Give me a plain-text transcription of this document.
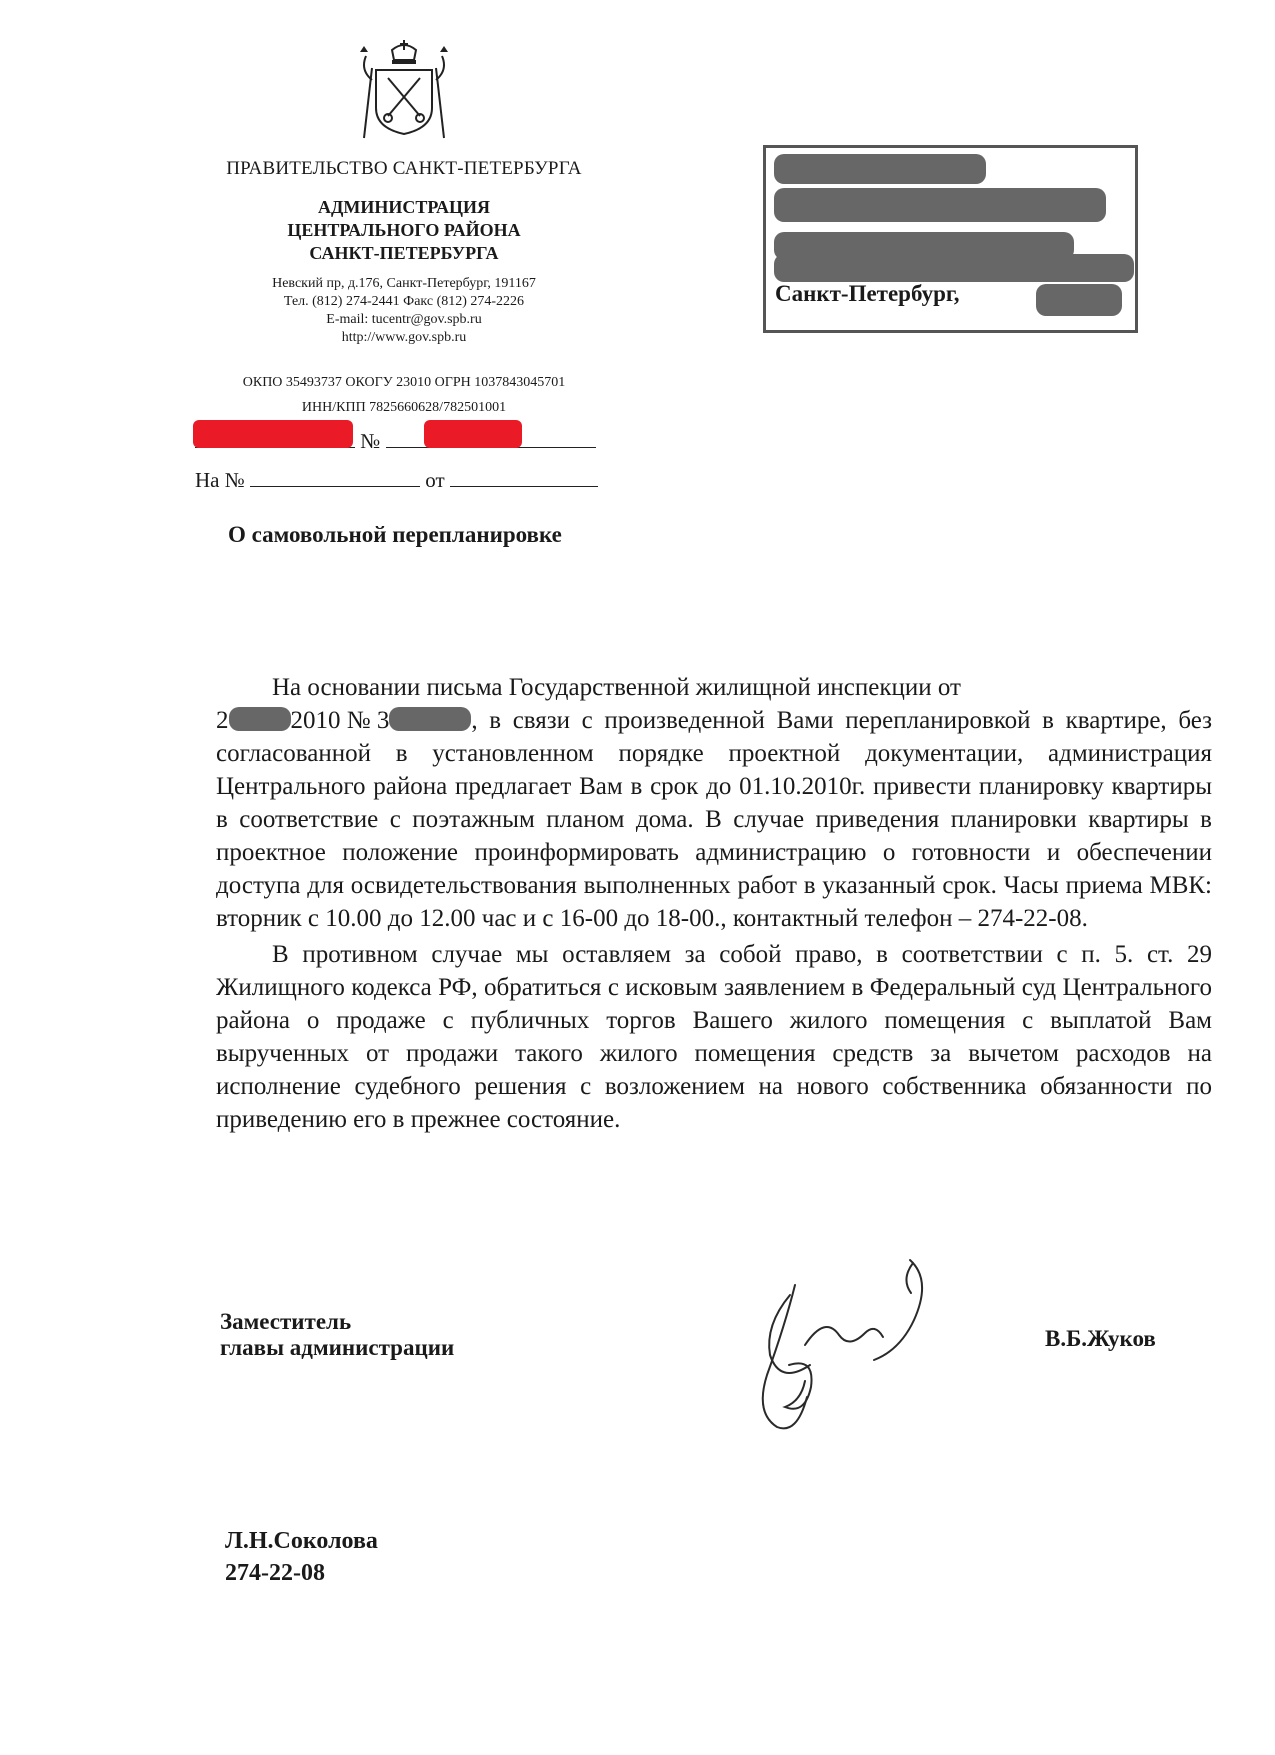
ПРАВИТЕЛЬСТВО САНКТ-ПЕТЕРБУРГА

АДМИНИСТРАЦИЯ
ЦЕНТРАЛЬНОГО РАЙОНА
САНКТ-ПЕТЕРБУРГА
Невский пр, д.176, Санкт-Петербург, 191167
Тел. (812) 274-2441 Факс (812) 274-2226
E-mail: tucentr@gov.spb.ru
http://www.gov.spb.ru
ОКПО 35493737 ОКОГУ 23010 ОГРН 1037843045701
ИНН/КПП 7825660628/782501001
№
На №	от
Санкт-Петербург,
О самовольной перепланировке

На основании письма Государственной жилищной инспекции от
2 2010 № 3	, в связи с произведенной Вами перепланировкой в квартире, без согласованной в установленном порядке проектной документации, администрация Центрального района предлагает Вам в срок до 01.10.2010г. привести планировку квартиры в соответствие с поэтажным планом дома. В случае приведения планировки квартиры в проектное положение проинформировать администрацию о готовности и обеспечении доступа для освидетельствования выполненных работ в указанный срок. Часы приема МВК: вторник с 10.00 до 12.00 час и с 16-00 до 18-00., контактный телефон – 274-22-08.

В противном случае мы оставляем за собой право, в соответствии с п. 5. ст. 29 Жилищного кодекса РФ, обратиться с исковым заявлением в Федеральный суд Центрального района о продаже с публичных торгов Вашего жилого помещения с выплатой Вам вырученных от продажи такого жилого помещения средств за вычетом расходов на исполнение судебного решения с возложением на нового собственника обязанности по приведению его в прежнее состояние.

Заместитель
главы администрации	В.Б.Жуков
Л.Н.Соколова
274-22-08
